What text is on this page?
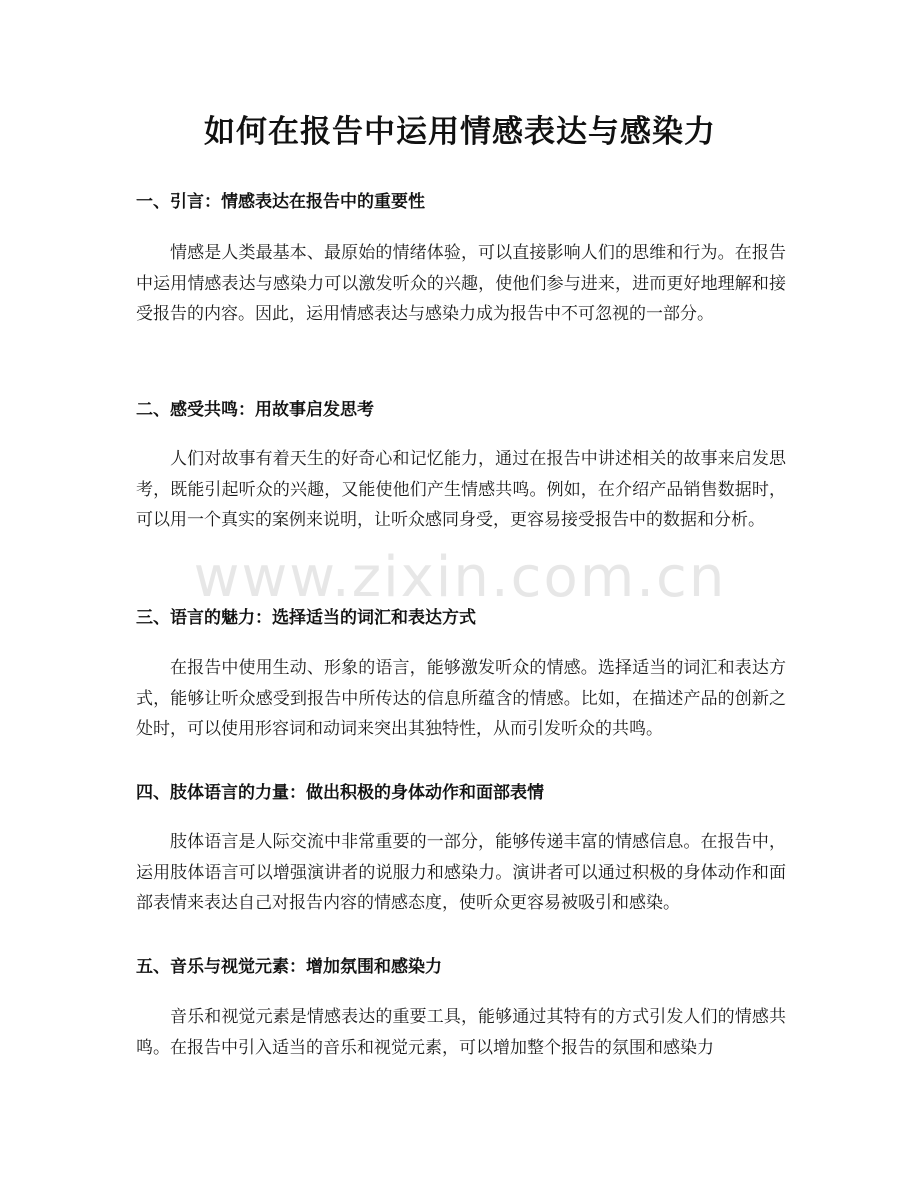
如何在报告中运用情感表达与感染力
一、引言：情感表达在报告中的重要性
情感是人类最基本、最原始的情绪体验，可以直接影响人们的思维和行为。在报告中运用情感表达与感染力可以激发听众的兴趣，使他们参与进来，进而更好地理解和接受报告的内容。因此，运用情感表达与感染力成为报告中不可忽视的一部分。
二、感受共鸣：用故事启发思考
人们对故事有着天生的好奇心和记忆能力，通过在报告中讲述相关的故事来启发思考，既能引起听众的兴趣，又能使他们产生情感共鸣。例如，在介绍产品销售数据时，可以用一个真实的案例来说明，让听众感同身受，更容易接受报告中的数据和分析。
三、语言的魅力：选择适当的词汇和表达方式
在报告中使用生动、形象的语言，能够激发听众的情感。选择适当的词汇和表达方式，能够让听众感受到报告中所传达的信息所蕴含的情感。比如，在描述产品的创新之处时，可以使用形容词和动词来突出其独特性，从而引发听众的共鸣。
四、肢体语言的力量：做出积极的身体动作和面部表情
肢体语言是人际交流中非常重要的一部分，能够传递丰富的情感信息。在报告中，运用肢体语言可以增强演讲者的说服力和感染力。演讲者可以通过积极的身体动作和面部表情来表达自己对报告内容的情感态度，使听众更容易被吸引和感染。
五、音乐与视觉元素：增加氛围和感染力
音乐和视觉元素是情感表达的重要工具，能够通过其特有的方式引发人们的情感共鸣。在报告中引入适当的音乐和视觉元素，可以增加整个报告的氛围和感染力
www.zixin.com.cn
